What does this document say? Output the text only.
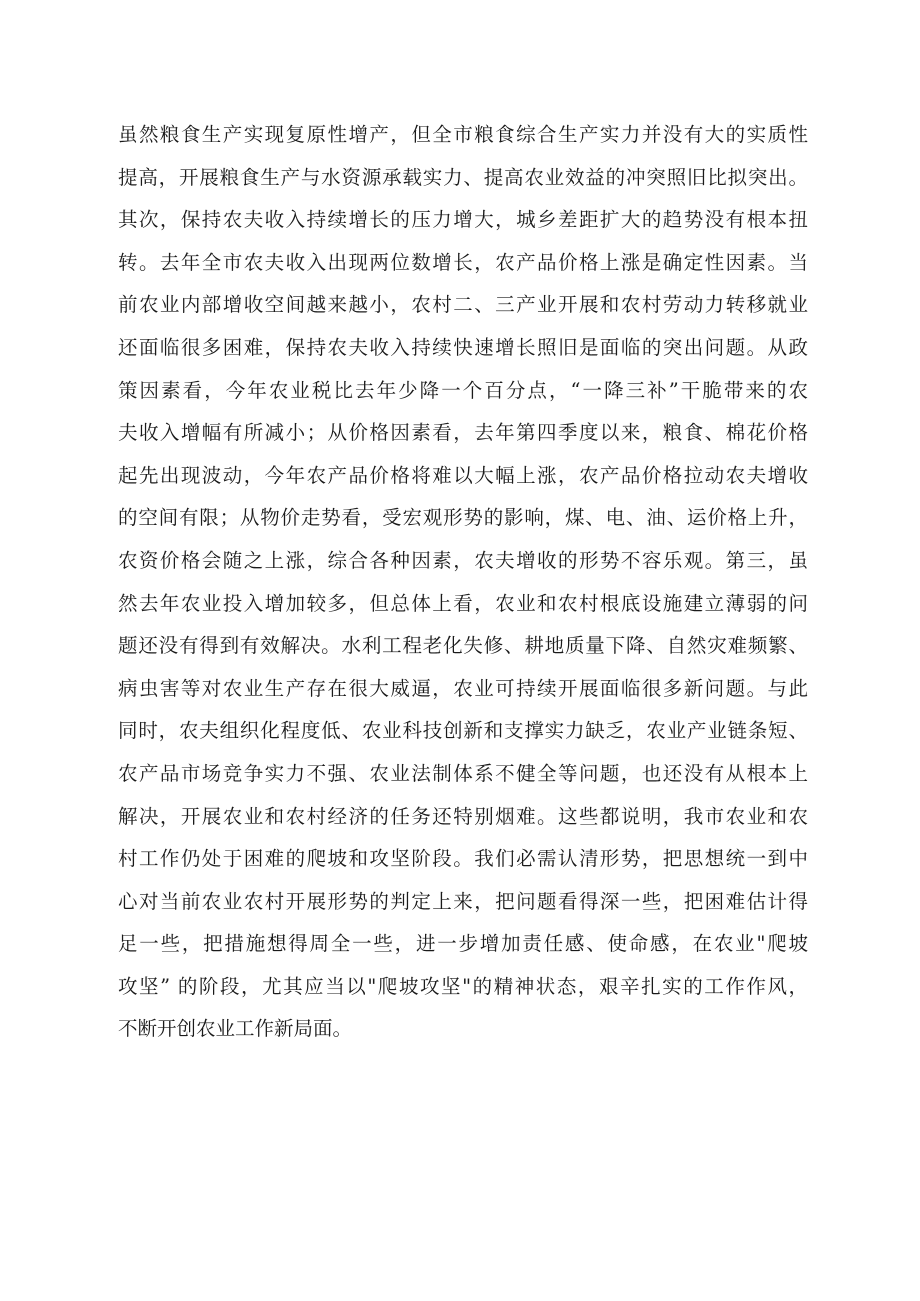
虽然粮食生产实现复原性增产，但全市粮食综合生产实力并没有大的实质性
提高，开展粮食生产与水资源承载实力、提高农业效益的冲突照旧比拟突出。
其次，保持农夫收入持续增长的压力增大，城乡差距扩大的趋势没有根本扭
转。去年全市农夫收入出现两位数增长，农产品价格上涨是确定性因素。当
前农业内部增收空间越来越小，农村二、三产业开展和农村劳动力转移就业
还面临很多困难，保持农夫收入持续快速增长照旧是面临的突出问题。从政
策因素看，今年农业税比去年少降一个百分点，“一降三补”干脆带来的农
夫收入增幅有所减小；从价格因素看，去年第四季度以来，粮食、棉花价格
起先出现波动，今年农产品价格将难以大幅上涨，农产品价格拉动农夫增收
的空间有限；从物价走势看，受宏观形势的影响，煤、电、油、运价格上升，
农资价格会随之上涨，综合各种因素，农夫增收的形势不容乐观。第三，虽
然去年农业投入增加较多，但总体上看，农业和农村根底设施建立薄弱的问
题还没有得到有效解决。水利工程老化失修、耕地质量下降、自然灾难频繁、
病虫害等对农业生产存在很大威逼，农业可持续开展面临很多新问题。与此
同时，农夫组织化程度低、农业科技创新和支撑实力缺乏，农业产业链条短、
农产品市场竞争实力不强、农业法制体系不健全等问题，也还没有从根本上
解决，开展农业和农村经济的任务还特别烟难。这些都说明，我市农业和农
村工作仍处于困难的爬坡和攻坚阶段。我们必需认清形势，把思想统一到中
心对当前农业农村开展形势的判定上来，把问题看得深一些，把困难估计得
足一些，把措施想得周全一些，进一步增加责任感、使命感，在农业"爬坡
攻坚” 的阶段，尤其应当以"爬坡攻坚"的精神状态，艰辛扎实的工作作风，
不断开创农业工作新局面。
